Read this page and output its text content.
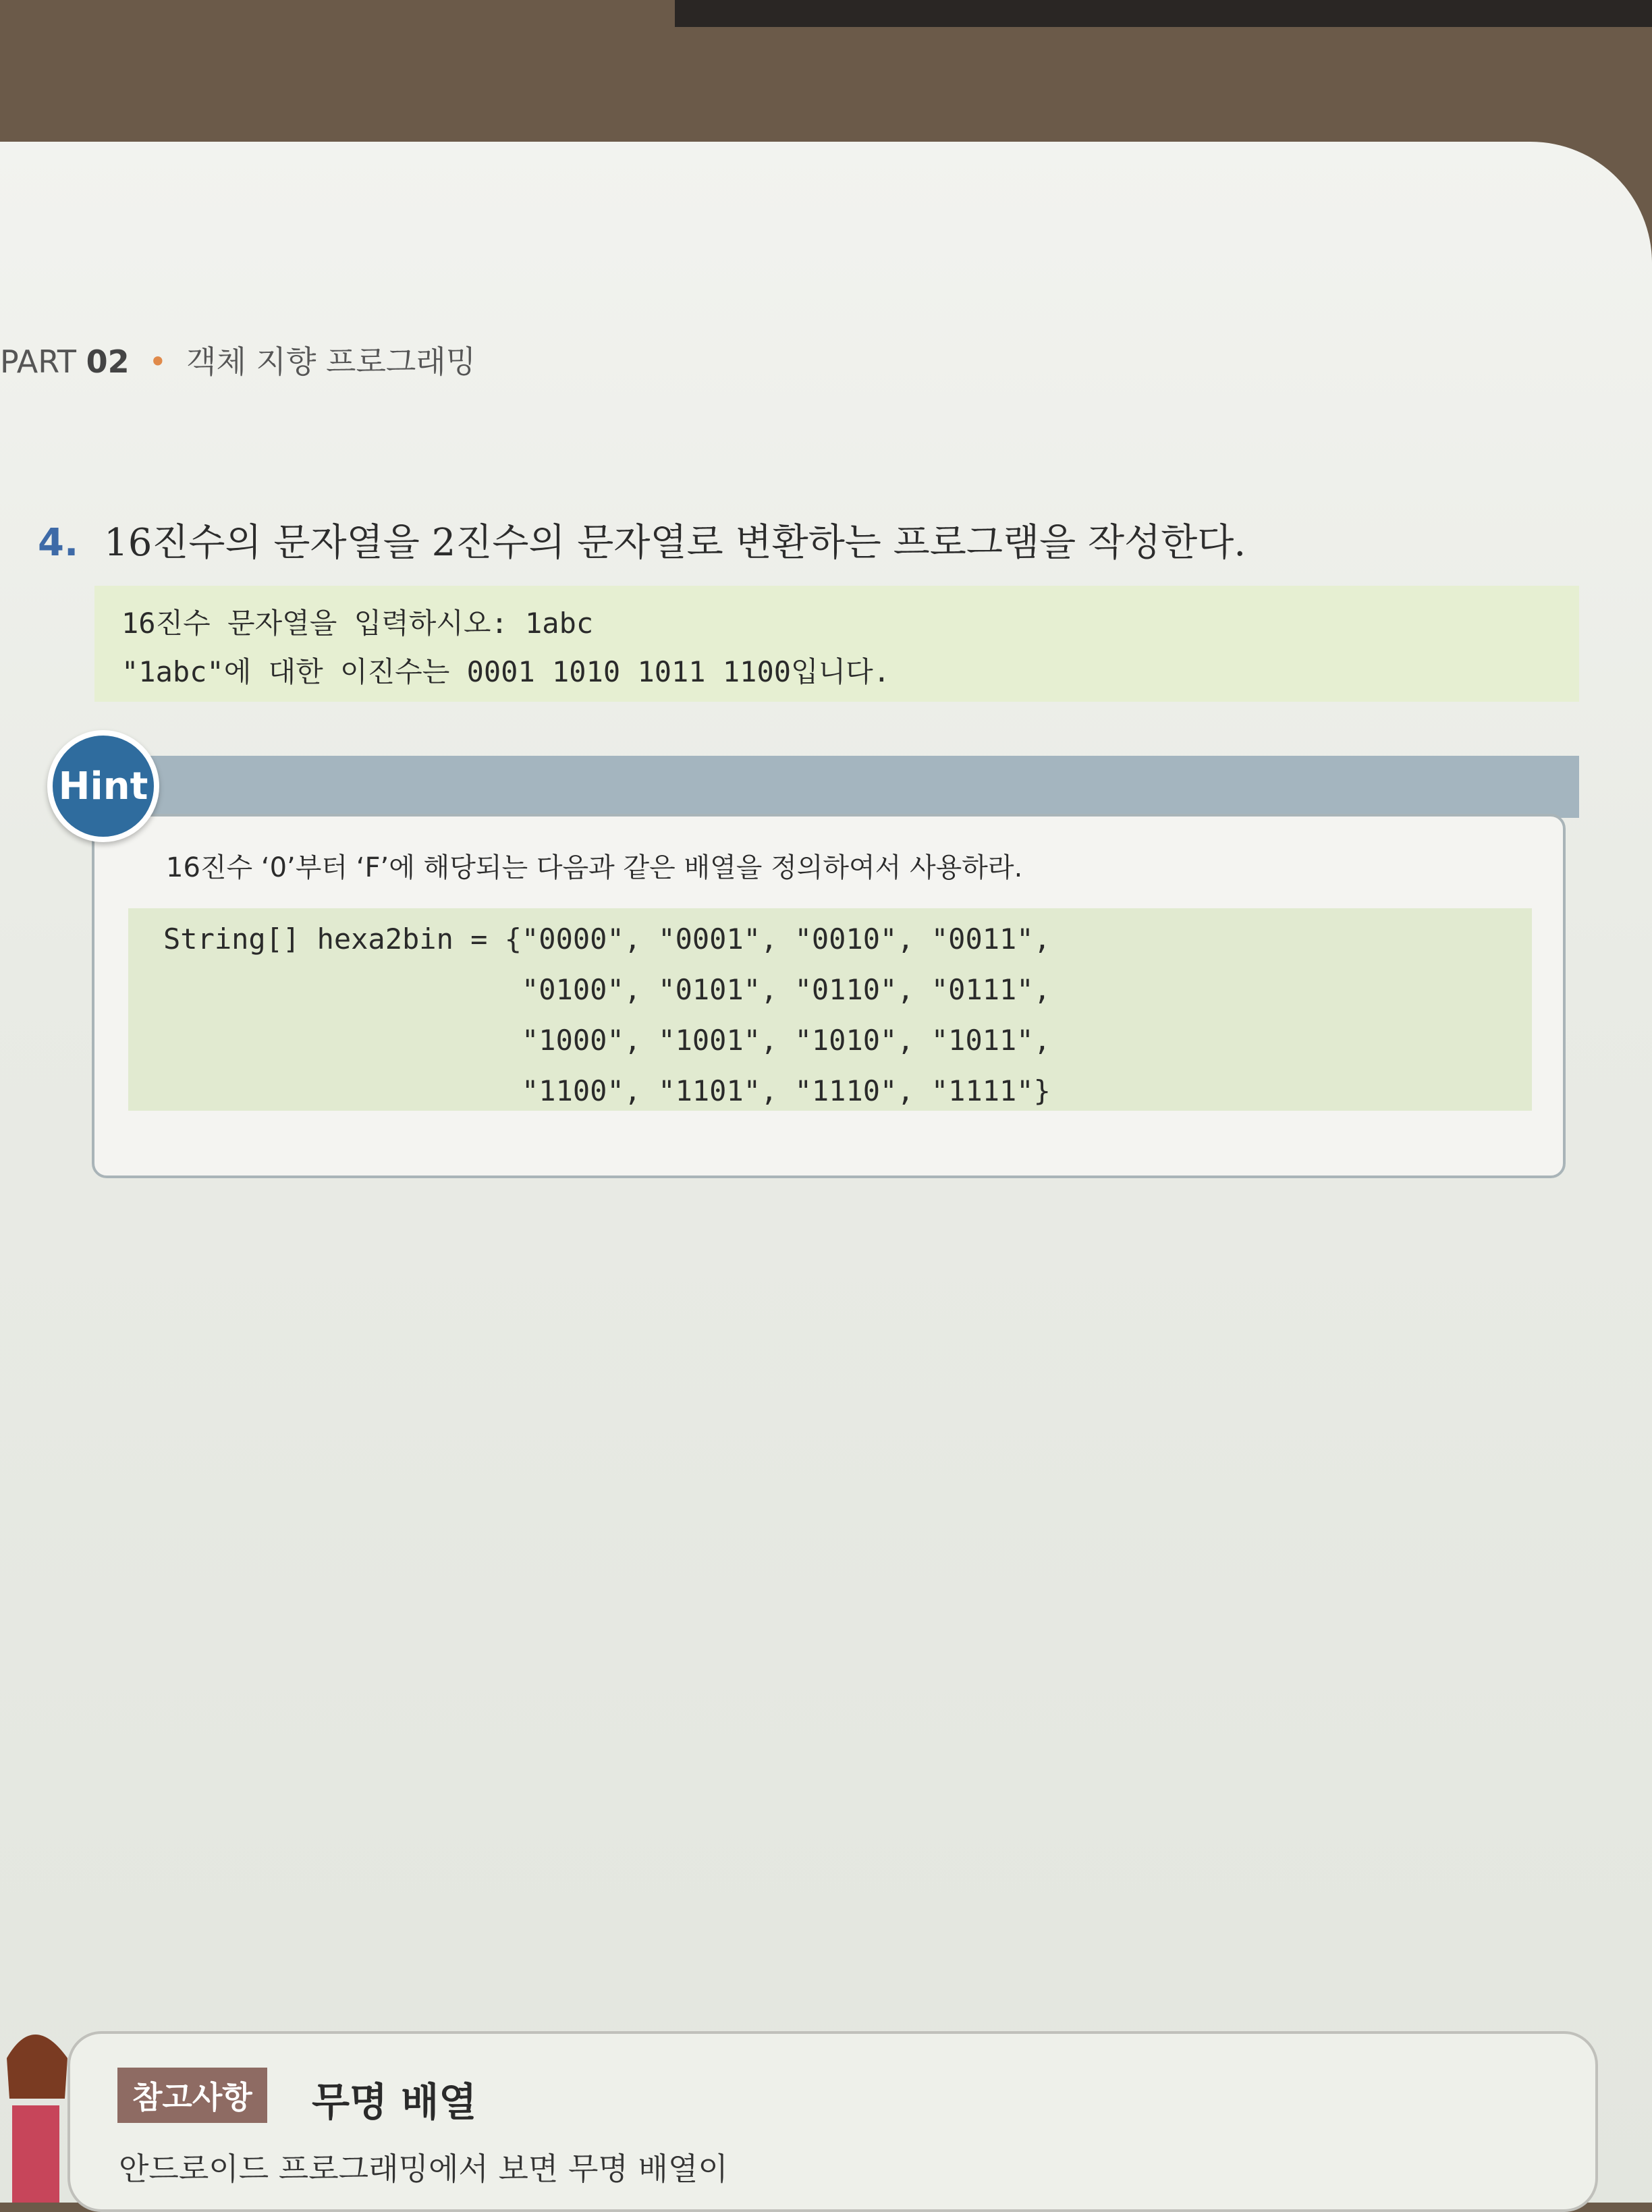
PART 02 • 객체 지향 프로그래밍
4. 16진수의 문자열을 2진수의 문자열로 변환하는 프로그램을 작성한다.
16진수 문자열을 입력하시오: 1abc
"1abc"에 대한 이진수는 0001 1010 1011 1100입니다.
Hint
16진수 ‘0’부터 ‘F’에 해당되는 다음과 같은 배열을 정의하여서 사용하라.
String[] hexa2bin = {"0000", "0001", "0010", "0011",
"0100", "0101", "0110", "0111",
"1000", "1001", "1010", "1011",
"1100", "1101", "1110", "1111"}
참고사항	무명 배열
안드로이드 프로그래밍에서 보면 무명 배열이
